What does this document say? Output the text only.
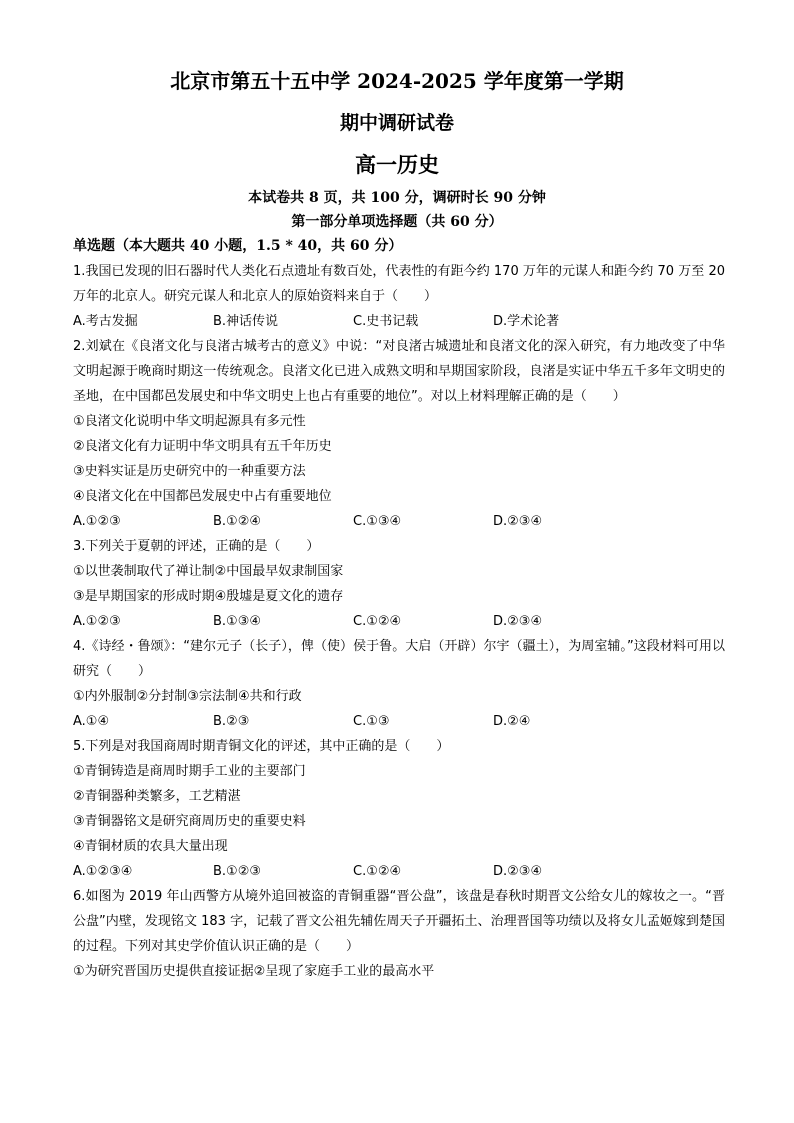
北京市第五十五中学 2024-2025 学年度第一学期
期中调研试卷
高一历史
本试卷共 8 页，共 100 分，调研时长 90 分钟
第一部分单项选择题（共 60 分）
单选题（本大题共 40 小题，1.5 * 40，共 60 分）

1.我国已发现的旧石器时代人类化石点遗址有数百处，代表性的有距今约 170 万年的元谋人和距今约 70 万至 20 万年的北京人。研究元谋人和北京人的原始资料来自于（　　）

A.考古发掘	B.神话传说	C.史书记载	D.学术论著

2.刘斌在《良渚文化与良渚古城考古的意义》中说：“对良渚古城遗址和良渚文化的深入研究，有力地改变了中华文明起源于晚商时期这一传统观念。良渚文化已进入成熟文明和早期国家阶段，良渚是实证中华五千多年文明史的圣地，在中国都邑发展史和中华文明史上也占有重要的地位”。对以上材料理解正确的是（　　）

①良渚文化说明中华文明起源具有多元性

②良渚文化有力证明中华文明具有五千年历史

③史料实证是历史研究中的一种重要方法

④良渚文化在中国都邑发展史中占有重要地位

A.①②③	B.①②④	C.①③④	D.②③④

3.下列关于夏朝的评述，正确的是（　　）

①以世袭制取代了禅让制②中国最早奴隶制国家

③是早期国家的形成时期④殷墟是夏文化的遗存

A.①②③	B.①③④	C.①②④	D.②③④

4.《诗经・鲁颂》：“建尔元子（长子），俾（使）侯于鲁。大启（开辟）尔宇（疆土），为周室辅。”这段材料可用以研究（　　）

①内外服制②分封制③宗法制④共和行政

A.①④	B.②③	C.①③	D.②④

5.下列是对我国商周时期青铜文化的评述，其中正确的是（　　）

①青铜铸造是商周时期手工业的主要部门

②青铜器种类繁多，工艺精湛

③青铜器铭文是研究商周历史的重要史料

④青铜材质的农具大量出现

A.①②③④	B.①②③	C.①②④	D.②③④

6.如图为 2019 年山西警方从境外追回被盗的青铜重器“晋公盘”，该盘是春秋时期晋文公给女儿的嫁妆之一。“晋公盘”内壁，发现铭文 183 字，记载了晋文公祖先辅佐周天子开疆拓土、治理晋国等功绩以及将女儿孟姬嫁到楚国的过程。下列对其史学价值认识正确的是（　　）

①为研究晋国历史提供直接证据②呈现了家庭手工业的最高水平
